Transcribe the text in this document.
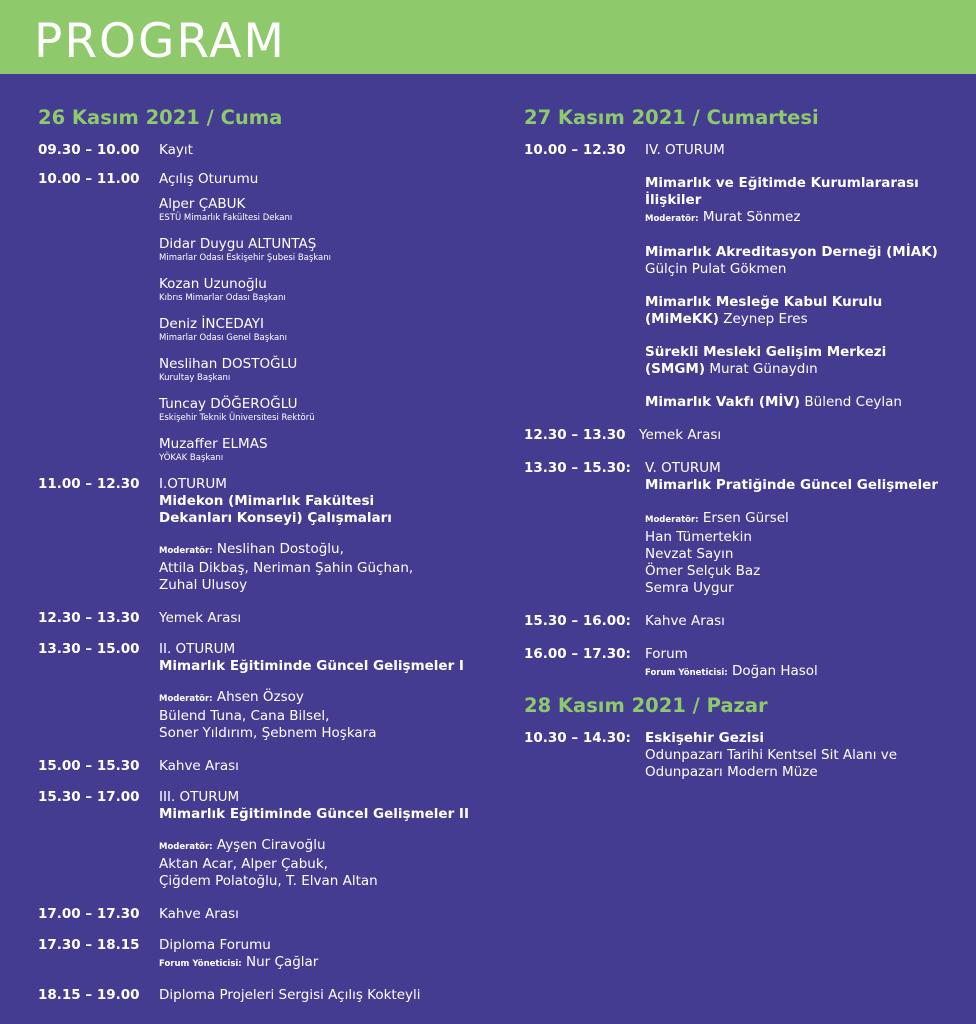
PROGRAM
26 Kasım 2021 / Cuma
09.30 – 10.00	Kayıt
10.00 – 11.00	Açılış Oturumu
Alper ÇABUK
ESTÜ Mimarlık Fakültesi Dekanı
Didar Duygu ALTUNTAŞ
Mimarlar Odası Eskişehir Şubesi Başkanı
Kozan Uzunoğlu
Kıbrıs Mimarlar Odası Başkanı
Deniz İNCEDAYI
Mimarlar Odası Genel Başkanı
Neslihan DOSTOĞLU
Kurultay Başkanı
Tuncay DÖĞEROĞLU
Eskişehir Teknik Üniversitesi Rektörü
Muzaffer ELMAS
YÖKAK Başkanı
11.00 – 12.30	I.OTURUM
Midekon (Mimarlık Fakültesi
Dekanları Konseyi) Çalışmaları
Moderatör: Neslihan Dostoğlu,
Attila Dikbaş, Neriman Şahin Güçhan,
Zuhal Ulusoy
12.30 – 13.30	Yemek Arası
13.30 – 15.00	II. OTURUM
Mimarlık Eğitiminde Güncel Gelişmeler I
Moderatör: Ahsen Özsoy
Bülend Tuna, Cana Bilsel,
Soner Yıldırım, Şebnem Hoşkara
15.00 – 15.30	Kahve Arası
15.30 – 17.00	III. OTURUM
Mimarlık Eğitiminde Güncel Gelişmeler II
Moderatör: Ayşen Ciravoğlu
Aktan Acar, Alper Çabuk,
Çiğdem Polatoğlu, T. Elvan Altan
17.00 – 17.30	Kahve Arası
17.30 – 18.15	Diploma Forumu
Forum Yöneticisi: Nur Çağlar
18.15 – 19.00	Diploma Projeleri Sergisi Açılış Kokteyli
27 Kasım 2021 / Cumartesi
10.00 – 12.30	IV. OTURUM
Mimarlık ve Eğitimde Kurumlararası
İlişkiler
Moderatör: Murat Sönmez
Mimarlık Akreditasyon Derneği (MİAK)
Gülçin Pulat Gökmen
Mimarlık Mesleğe Kabul Kurulu
(MiMeKK) Zeynep Eres
Sürekli Mesleki Gelişim Merkezi
(SMGM) Murat Günaydın
Mimarlık Vakfı (MİV) Bülend Ceylan
12.30 – 13.30 Yemek Arası
13.30 – 15.30:	V. OTURUM
Mimarlık Pratiğinde Güncel Gelişmeler
Moderatör: Ersen Gürsel
Han Tümertekin
Nevzat Sayın
Ömer Selçuk Baz
Semra Uygur
15.30 – 16.00:	Kahve Arası
16.00 – 17.30:	Forum
Forum Yöneticisi: Doğan Hasol
28 Kasım 2021 / Pazar
10.30 – 14.30:	Eskişehir Gezisi
Odunpazarı Tarihi Kentsel Sit Alanı ve
Odunpazarı Modern Müze
